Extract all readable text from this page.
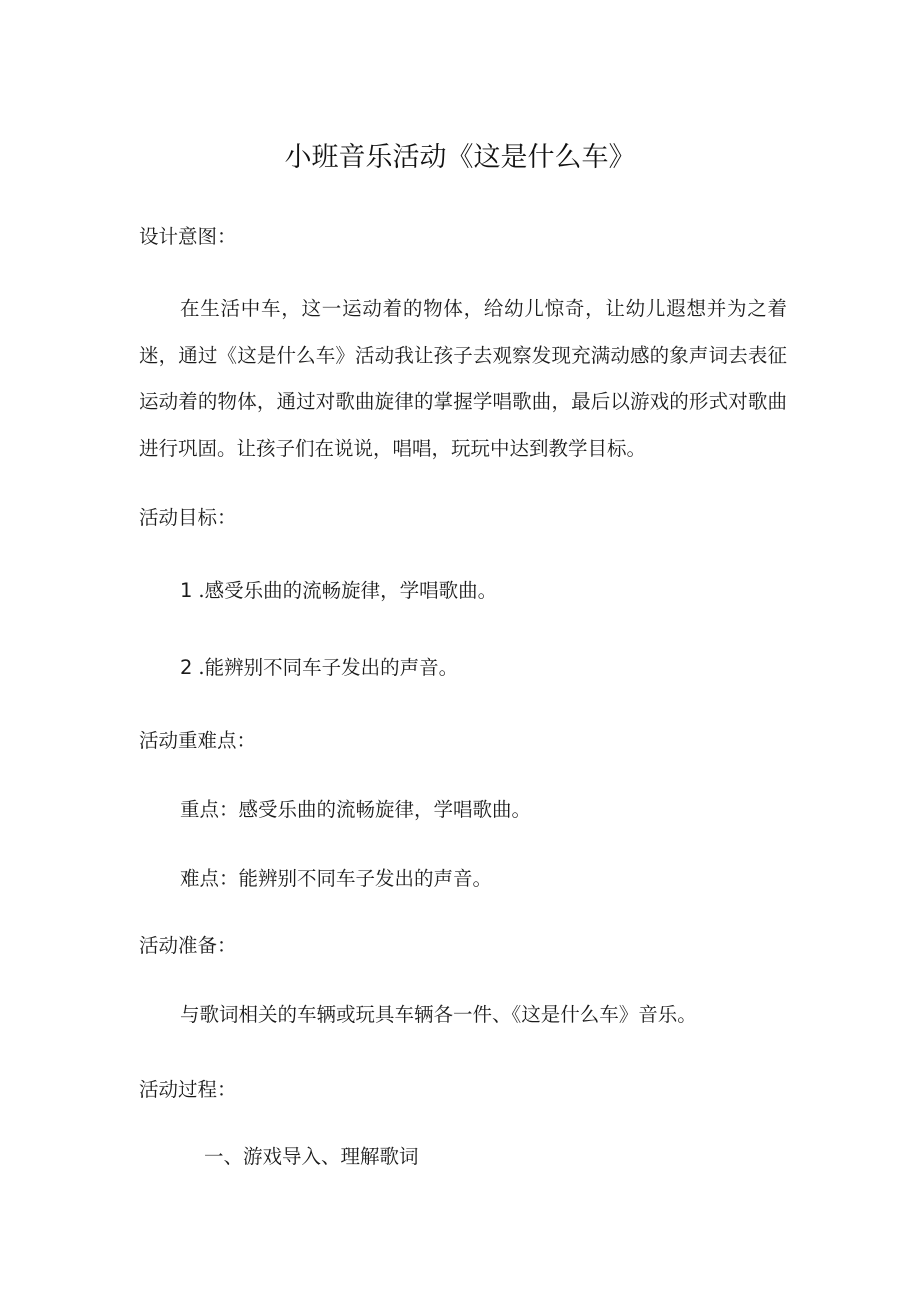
小班音乐活动《这是什么车》

设计意图：

在生活中车，这一运动着的物体，给幼儿惊奇，让幼儿遐想并为之着迷，通过《这是什么车》活动我让孩子去观察发现充满动感的象声词去表征运动着的物体，通过对歌曲旋律的掌握学唱歌曲，最后以游戏的形式对歌曲进行巩固。让孩子们在说说，唱唱，玩玩中达到教学目标。

活动目标：

1.感受乐曲的流畅旋律，学唱歌曲。

2.能辨别不同车子发出的声音。

活动重难点：

重点：感受乐曲的流畅旋律，学唱歌曲。

难点：能辨别不同车子发出的声音。

活动准备：

与歌词相关的车辆或玩具车辆各一件、《这是什么车》音乐。

活动过程：

一、游戏导入、理解歌词
